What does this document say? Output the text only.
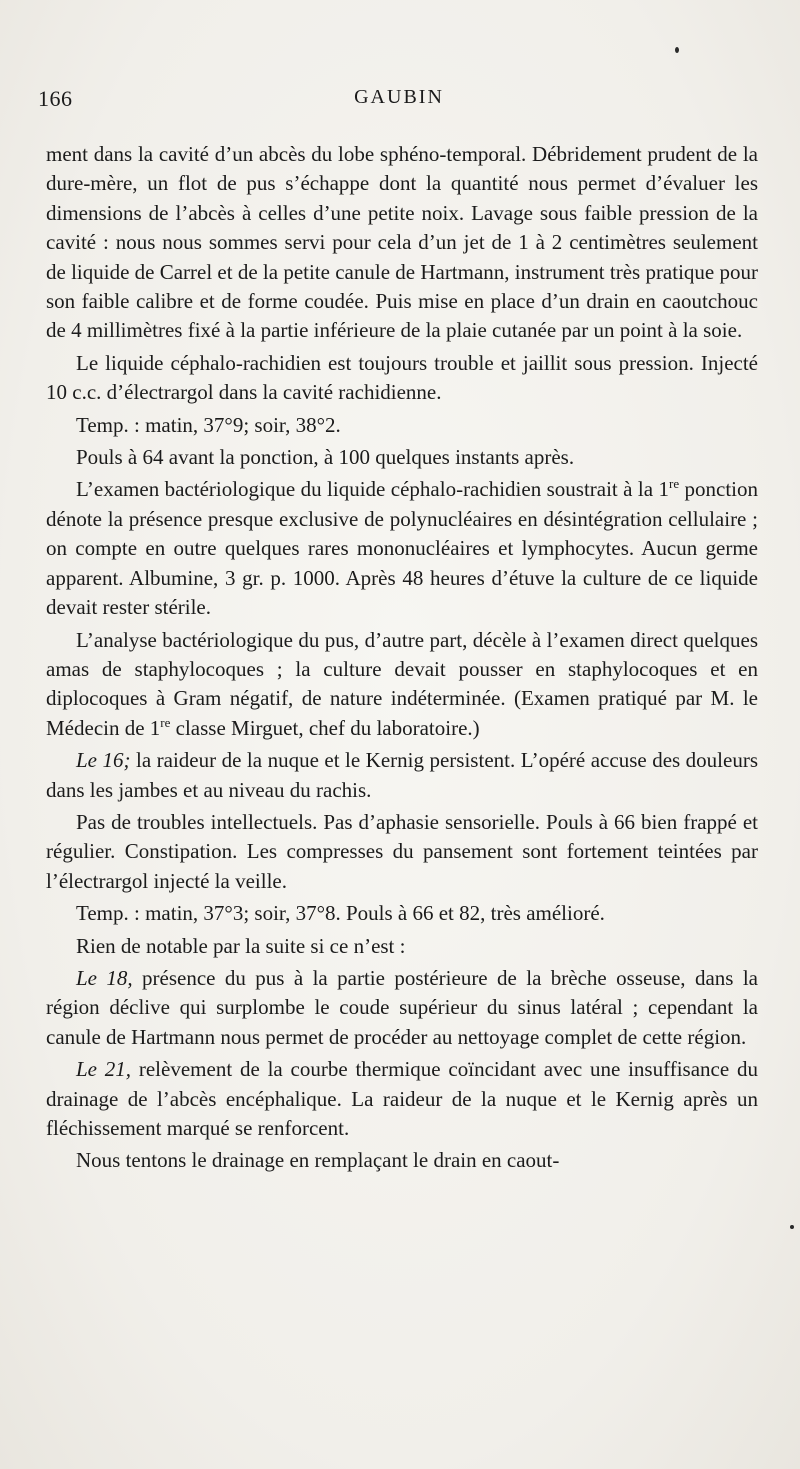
166	GAUBIN

ment dans la cavité d’un abcès du lobe sphéno-temporal. Débridement prudent de la dure-mère, un flot de pus s’échappe dont la quantité nous permet d’évaluer les dimensions de l’abcès à celles d’une petite noix. Lavage sous faible pression de la cavité : nous nous sommes servi pour cela d’un jet de 1 à 2 centimètres seulement de liquide de Carrel et de la petite canule de Hartmann, instrument très pratique pour son faible calibre et de forme coudée. Puis mise en place d’un drain en caoutchouc de 4 millimètres fixé à la partie inférieure de la plaie cutanée par un point à la soie.

Le liquide céphalo-rachidien est toujours trouble et jaillit sous pression. Injecté 10 c.c. d’électrargol dans la cavité rachidienne.

Temp. : matin, 37°9; soir, 38°2.

Pouls à 64 avant la ponction, à 100 quelques instants après.

L’examen bactériologique du liquide céphalo-rachidien soustrait à la 1re ponction dénote la présence presque exclusive de polynucléaires en désintégration cellulaire ; on compte en outre quelques rares mononucléaires et lymphocytes. Aucun germe apparent. Albumine, 3 gr. p. 1000. Après 48 heures d’étuve la culture de ce liquide devait rester stérile.

L’analyse bactériologique du pus, d’autre part, décèle à l’examen direct quelques amas de staphylocoques ; la culture devait pousser en staphylocoques et en diplocoques à Gram négatif, de nature indéterminée. (Examen pratiqué par M. le Médecin de 1re classe Mirguet, chef du laboratoire.)

Le 16; la raideur de la nuque et le Kernig persistent. L’opéré accuse des douleurs dans les jambes et au niveau du rachis.

Pas de troubles intellectuels. Pas d’aphasie sensorielle. Pouls à 66 bien frappé et régulier. Constipation. Les compresses du pansement sont fortement teintées par l’électrargol injecté la veille.

Temp. : matin, 37°3; soir, 37°8. Pouls à 66 et 82, très amélioré.

Rien de notable par la suite si ce n’est :

Le 18, présence du pus à la partie postérieure de la brèche osseuse, dans la région déclive qui surplombe le coude supérieur du sinus latéral ; cependant la canule de Hartmann nous permet de procéder au nettoyage complet de cette région.

Le 21, relèvement de la courbe thermique coïncidant avec une insuffisance du drainage de l’abcès encéphalique. La raideur de la nuque et le Kernig après un fléchissement marqué se renforcent.

Nous tentons le drainage en remplaçant le drain en caout-
